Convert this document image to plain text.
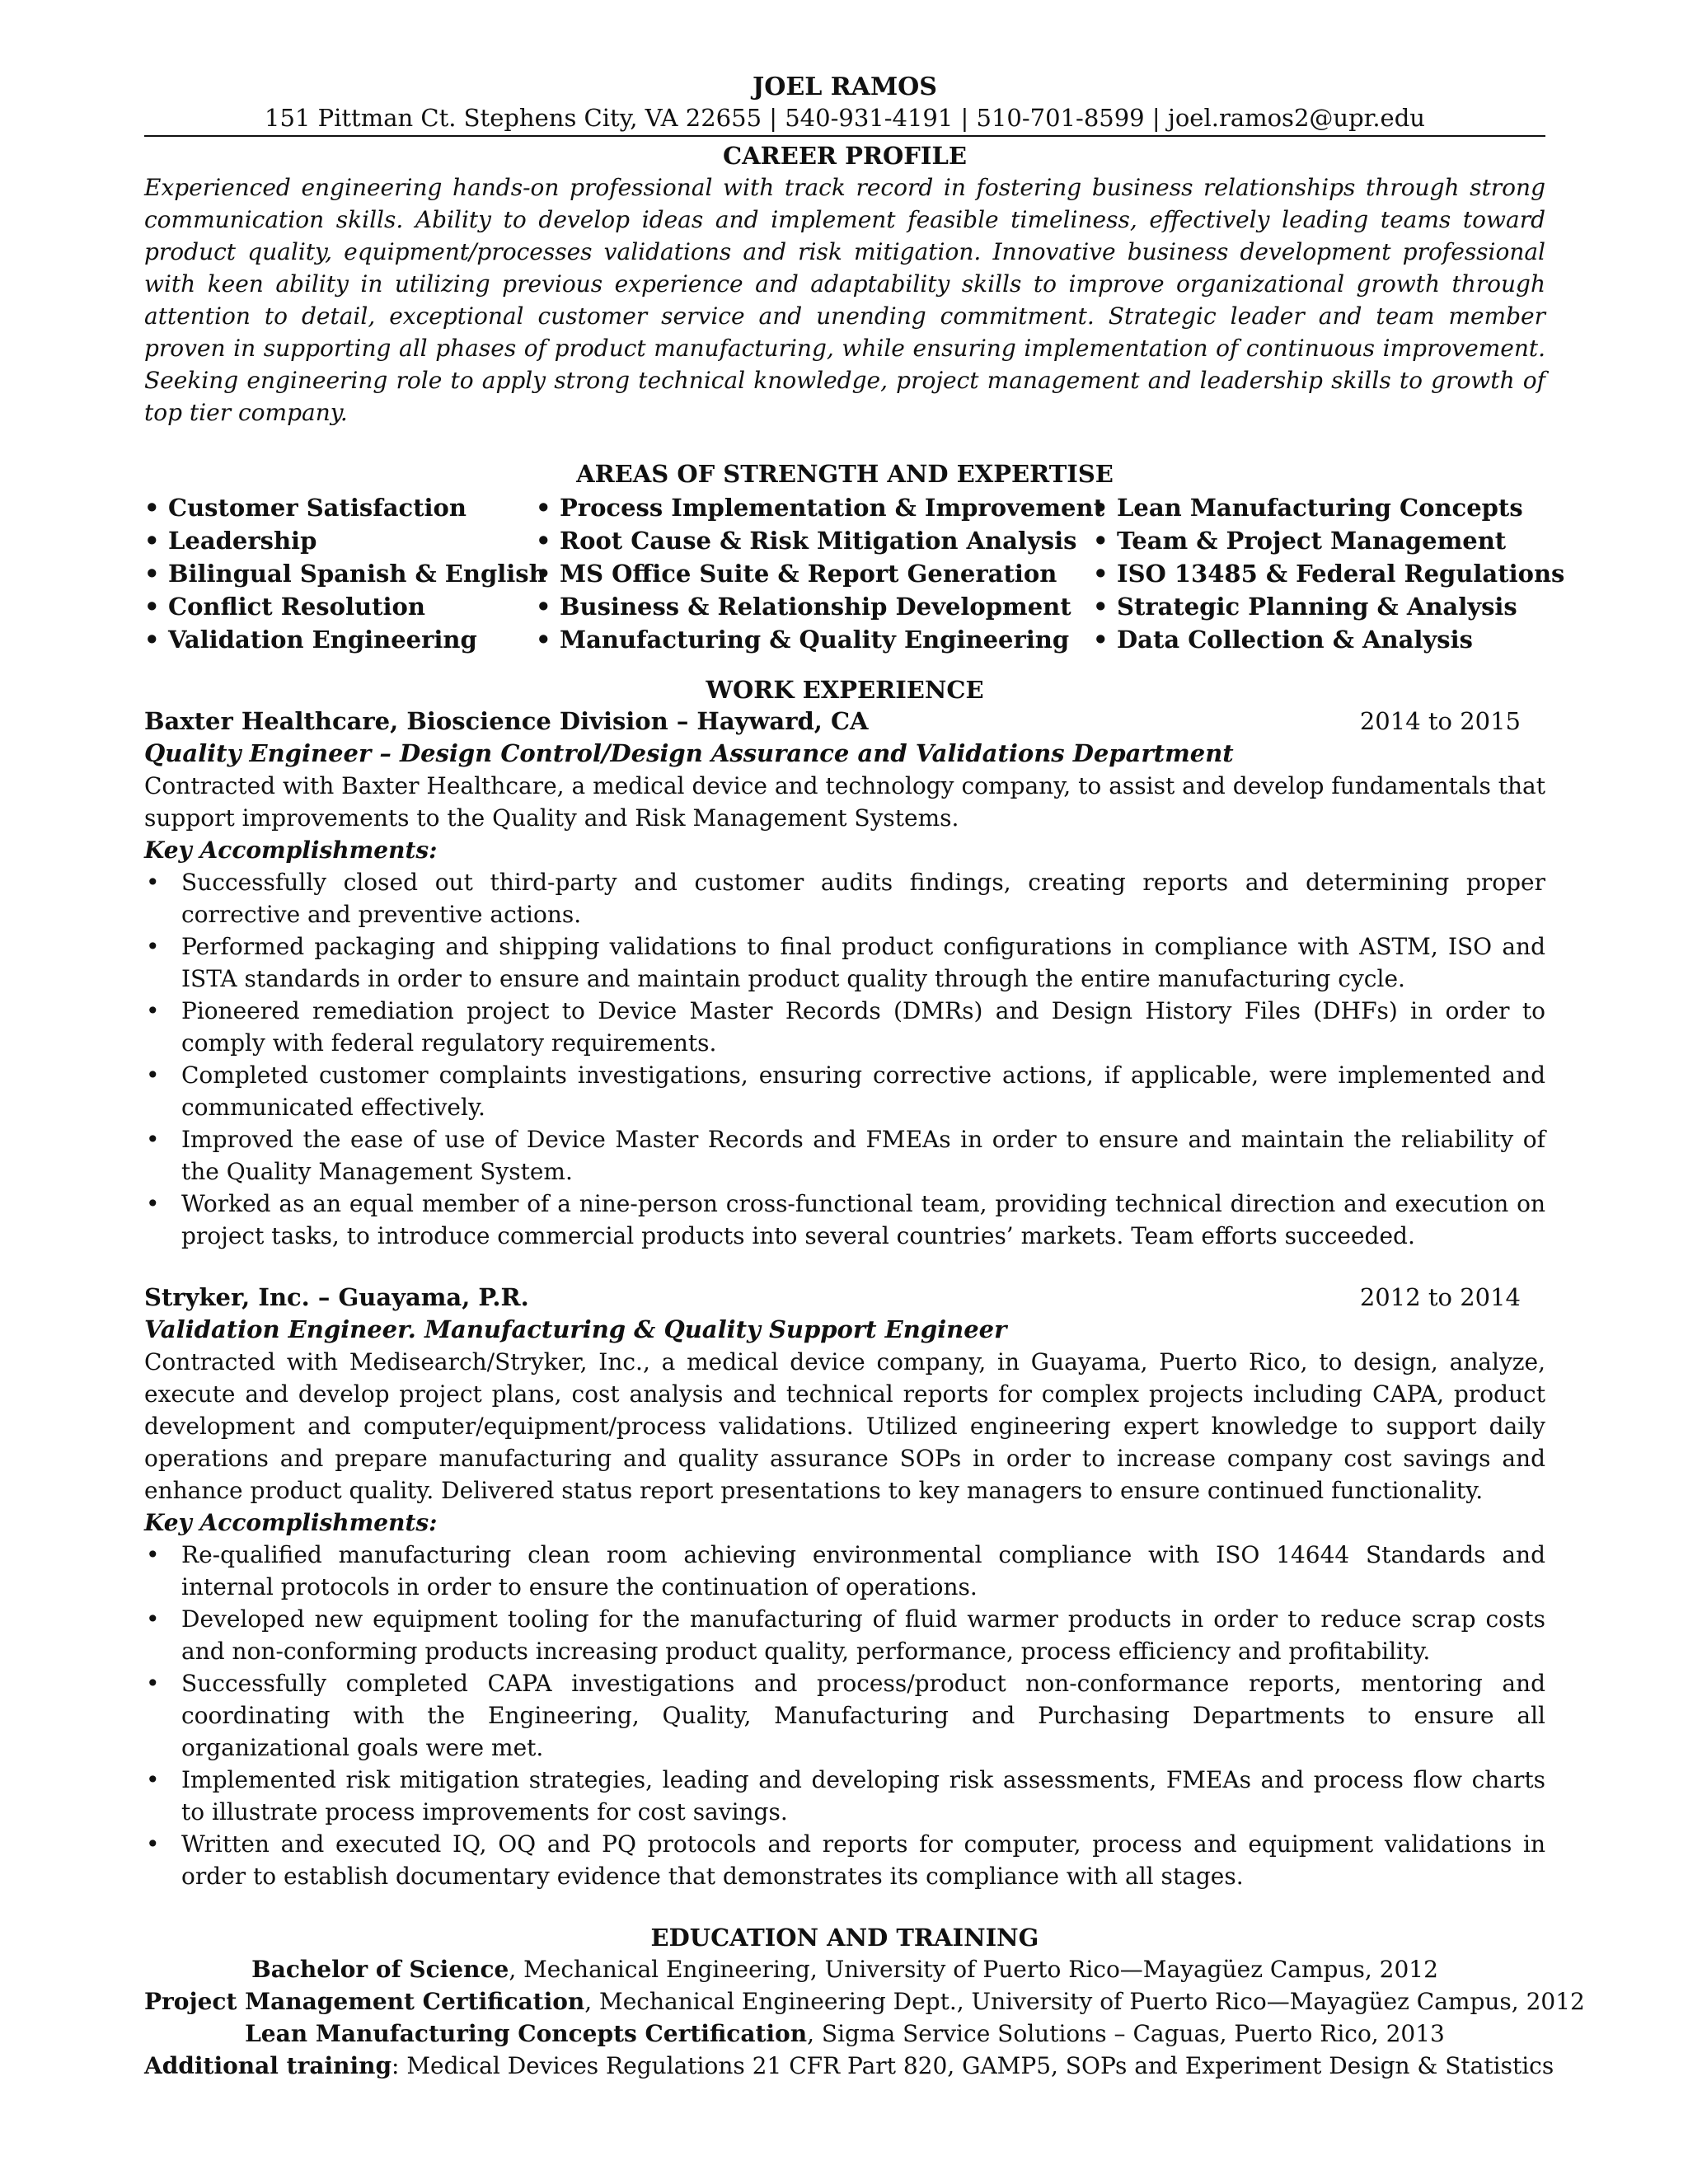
JOEL RAMOS
151 Pittman Ct. Stephens City, VA 22655 | 540-931-4191 | 510-701-8599 | joel.ramos2@upr.edu
CAREER PROFILE
Experienced engineering hands-on professional with track record in fostering business relationships through strong communication skills. Ability to develop ideas and implement feasible timeliness, effectively leading teams toward product quality, equipment/processes validations and risk mitigation. Innovative business development professional with keen ability in utilizing previous experience and adaptability skills to improve organizational growth through attention to detail, exceptional customer service and unending commitment. Strategic leader and team member proven in supporting all phases of product manufacturing, while ensuring implementation of continuous improvement. Seeking engineering role to apply strong technical knowledge, project management and leadership skills to growth of top tier company.
AREAS OF STRENGTH AND EXPERTISE
• Customer Satisfaction
• Leadership
• Bilingual Spanish & English
• Conflict Resolution
• Validation Engineering
• Process Implementation & Improvement
• Root Cause & Risk Mitigation Analysis
• MS Office Suite & Report Generation
• Business & Relationship Development
• Manufacturing & Quality Engineering
• Lean Manufacturing Concepts
• Team & Project Management
• ISO 13485 & Federal Regulations
• Strategic Planning & Analysis
• Data Collection & Analysis
WORK EXPERIENCE
Baxter Healthcare, Bioscience Division – Hayward, CA	2014 to 2015
Quality Engineer – Design Control/Design Assurance and Validations Department
Contracted with Baxter Healthcare, a medical device and technology company, to assist and develop fundamentals that support improvements to the Quality and Risk Management Systems.
Key Accomplishments:
• Successfully closed out third-party and customer audits findings, creating reports and determining proper corrective and preventive actions.
• Performed packaging and shipping validations to final product configurations in compliance with ASTM, ISO and ISTA standards in order to ensure and maintain product quality through the entire manufacturing cycle.
• Pioneered remediation project to Device Master Records (DMRs) and Design History Files (DHFs) in order to comply with federal regulatory requirements.
• Completed customer complaints investigations, ensuring corrective actions, if applicable, were implemented and communicated effectively.
• Improved the ease of use of Device Master Records and FMEAs in order to ensure and maintain the reliability of the Quality Management System.
• Worked as an equal member of a nine-person cross-functional team, providing technical direction and execution on project tasks, to introduce commercial products into several countries’ markets. Team efforts succeeded.
Stryker, Inc. – Guayama, P.R.	2012 to 2014
Validation Engineer. Manufacturing & Quality Support Engineer
Contracted with Medisearch/Stryker, Inc., a medical device company, in Guayama, Puerto Rico, to design, analyze, execute and develop project plans, cost analysis and technical reports for complex projects including CAPA, product development and computer/equipment/process validations. Utilized engineering expert knowledge to support daily operations and prepare manufacturing and quality assurance SOPs in order to increase company cost savings and enhance product quality. Delivered status report presentations to key managers to ensure continued functionality.
Key Accomplishments:
• Re-qualified manufacturing clean room achieving environmental compliance with ISO 14644 Standards and internal protocols in order to ensure the continuation of operations.
• Developed new equipment tooling for the manufacturing of fluid warmer products in order to reduce scrap costs and non-conforming products increasing product quality, performance, process efficiency and profitability.
• Successfully completed CAPA investigations and process/product non-conformance reports, mentoring and coordinating with the Engineering, Quality, Manufacturing and Purchasing Departments to ensure all organizational goals were met.
• Implemented risk mitigation strategies, leading and developing risk assessments, FMEAs and process flow charts to illustrate process improvements for cost savings.
• Written and executed IQ, OQ and PQ protocols and reports for computer, process and equipment validations in order to establish documentary evidence that demonstrates its compliance with all stages.
EDUCATION AND TRAINING
Bachelor of Science, Mechanical Engineering, University of Puerto Rico—Mayagüez Campus, 2012
Project Management Certification, Mechanical Engineering Dept., University of Puerto Rico—Mayagüez Campus, 2012
Lean Manufacturing Concepts Certification, Sigma Service Solutions – Caguas, Puerto Rico, 2013
Additional training: Medical Devices Regulations 21 CFR Part 820, GAMP5, SOPs and Experiment Design & Statistics
